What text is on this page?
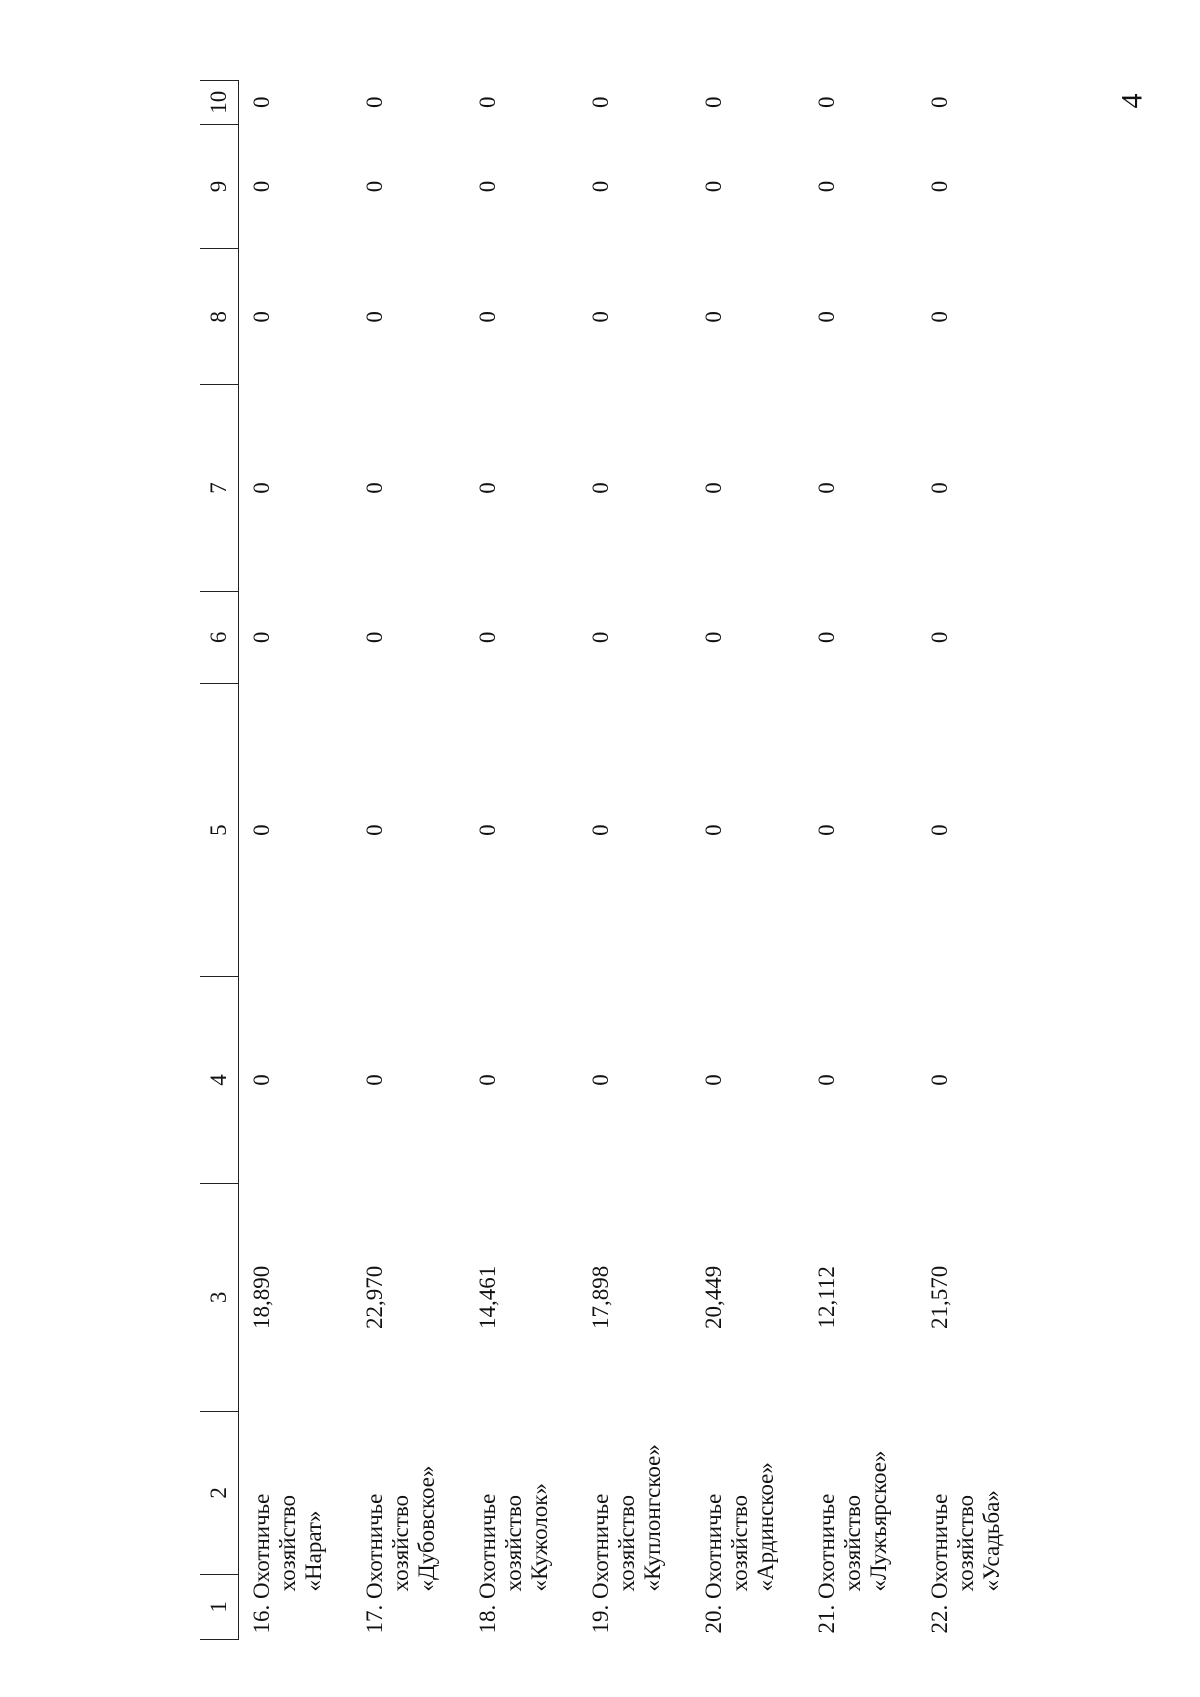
4
1	2	3	4	5	6	7	8	9	10

16. Охотничье хозяйство «Нарат»		18,890	0	0	0	0	0	0	0

17. Охотничье хозяйство «Дубовское»		22,970	0	0	0	0	0	0	0

18. Охотничье хозяйство «Кужолок»		14,461	0	0	0	0	0	0	0

19. Охотничье хозяйство «Куплонгское»		17,898	0	0	0	0	0	0	0

20. Охотничье хозяйство «Ардинское»		20,449	0	0	0	0	0	0	0

21. Охотничье хозяйство «Лужъярское»		12,112	0	0	0	0	0	0	0

22. Охотничье хозяйство «Усадьба»		21,570	0	0	0	0	0	0	0
